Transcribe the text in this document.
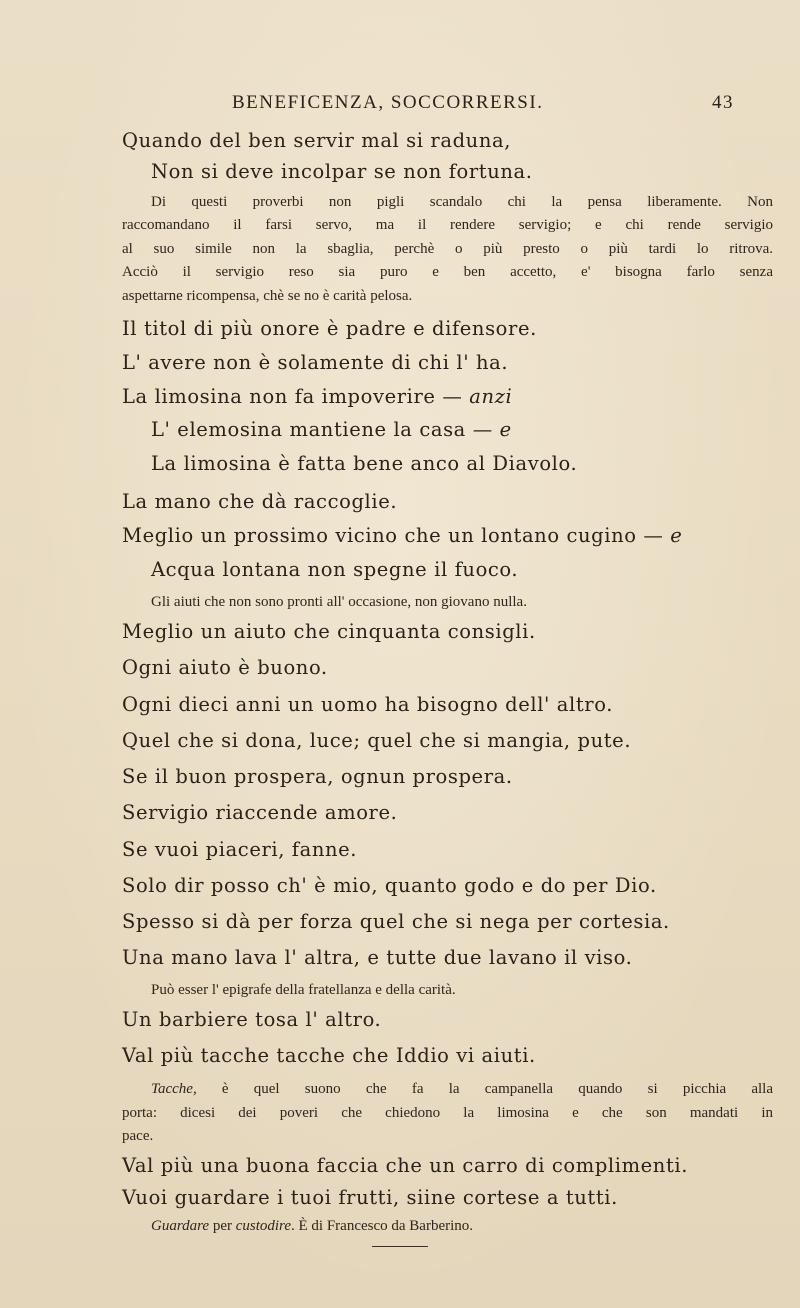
BENEFICENZA, SOCCORRERSI.	43
Quando del ben servir mal si raduna,
Non si deve incolpar se non fortuna.
Di questi proverbi non pigli scandalo chi la pensa liberamente. Non
raccomandano il farsi servo, ma il rendere servigio; e chi rende servigio
al suo simile non la sbaglia, perchè o più presto o più tardi lo ritrova.
Acciò il servigio reso sia puro e ben accetto, e' bisogna farlo senza
aspettarne ricompensa, chè se no è carità pelosa.
Il titol di più onore è padre e difensore.
L' avere non è solamente di chi l' ha.
La limosina non fa impoverire — anzi
L' elemosina mantiene la casa — e
La limosina è fatta bene anco al Diavolo.
La mano che dà raccoglie.
Meglio un prossimo vicino che un lontano cugino — e
Acqua lontana non spegne il fuoco.
Gli aiuti che non sono pronti all' occasione, non giovano nulla.
Meglio un aiuto che cinquanta consigli.
Ogni aiuto è buono.
Ogni dieci anni un uomo ha bisogno dell' altro.
Quel che si dona, luce; quel che si mangia, pute.
Se il buon prospera, ognun prospera.
Servigio riaccende amore.
Se vuoi piaceri, fanne.
Solo dir posso ch' è mio, quanto godo e do per Dio.
Spesso si dà per forza quel che si nega per cortesia.
Una mano lava l' altra, e tutte due lavano il viso.
Può esser l' epigrafe della fratellanza e della carità.
Un barbiere tosa l' altro.
Val più tacche tacche che Iddio vi aiuti.
Tacche, è quel suono che fa la campanella quando si picchia alla
porta: dicesi dei poveri che chiedono la limosina e che son mandati in
pace.
Val più una buona faccia che un carro di complimenti.
Vuoi guardare i tuoi frutti, siine cortese a tutti.
Guardare per custodire. È di Francesco da Barberino.
